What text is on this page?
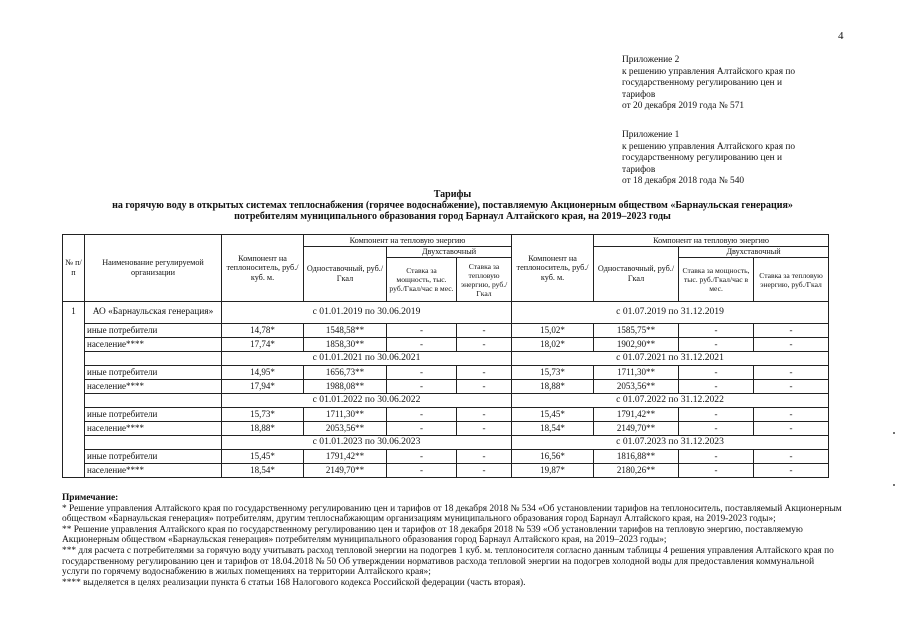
4
Приложение 2
к решению управления Алтайского края по
государственному регулированию цен и
тарифов
от 20 декабря 2019 года № 571
Приложение 1
к решению управления Алтайского края по
государственному регулированию цен и
тарифов
от 18 декабря 2018 года № 540
Тарифы
на горячую воду в открытых системах теплоснабжения (горячее водоснабжение), поставляемую Акционерным обществом «Барнаульская генерация»
потребителям муниципального образования город Барнаул Алтайского края, на 2019–2023 годы
№ п/п	Наименование регулируемой организации	Компонент на теплоноситель, руб./куб. м.	Компонент на тепловую энергию			Компонент на теплоноситель, руб./куб. м.	Компонент на тепловую энергию		
			Одноставочный, руб./Гкал	Двухставочный			Одноставочный, руб./Гкал	Двухставочный	
				Ставка за мощность, тыс. руб./Гкал/час в мес.	Ставка за тепловую энергию, руб./Гкал			Ставка за мощность, тыс. руб./Гкал/час в мес.	Ставка за тепловую энергию, руб./Гкал
1	АО «Барнаульская генерация»	с 01.01.2019 по 30.06.2019				с 01.07.2019 по 31.12.2019			
	иные потребители	14,78*	1548,58**	-	-	15,02*	1585,75**	-	-
	население****	17,74*	1858,30**	-	-	18,02*	1902,90**	-	-
		с 01.01.2021 по 30.06.2021				с 01.07.2021 по 31.12.2021			
	иные потребители	14,95*	1656,73**	-	-	15,73*	1711,30**	-	-
	население****	17,94*	1988,08**	-	-	18,88*	2053,56**	-	-
		с 01.01.2022 по 30.06.2022				с 01.07.2022 по 31.12.2022			
	иные потребители	15,73*	1711,30**	-	-	15,45*	1791,42**	-	-
	население****	18,88*	2053,56**	-	-	18,54*	2149,70**	-	-
		с 01.01.2023 по 30.06.2023				с 01.07.2023 по 31.12.2023			
	иные потребители	15,45*	1791,42**	-	-	16,56*	1816,88**	-	-
	население****	18,54*	2149,70**	-	-	19,87*	2180,26**	-	-
Примечание:
* Решение управления Алтайского края по государственному регулированию цен и тарифов от 18 декабря 2018 № 534 «Об установлении тарифов на теплоноситель, поставляемый Акционерным обществом «Барнаульская генерация» потребителям, другим теплоснабжающим организациям муниципального образования город Барнаул Алтайского края, на 2019-2023 годы»;
** Решение управления Алтайского края по государственному регулированию цен и тарифов от 18 декабря 2018 № 539 «Об установлении тарифов на тепловую энергию, поставляемую Акционерным обществом «Барнаульская генерация» потребителям муниципального образования город Барнаул Алтайского края, на 2019–2023 годы»;
*** для расчета с потребителями за горячую воду учитывать расход тепловой энергии на подогрев 1 куб. м. теплоносителя согласно данным таблицы 4 решения управления Алтайского края по государственному регулированию цен и тарифов от 18.04.2018 № 50 Об утверждении нормативов расхода тепловой энергии на подогрев холодной воды для предоставления коммунальной услуги по горячему водоснабжению в жилых помещениях на территории Алтайского края»;
**** выделяется в целях реализации пункта 6 статьи 168 Налогового кодекса Российской федерации (часть вторая).
